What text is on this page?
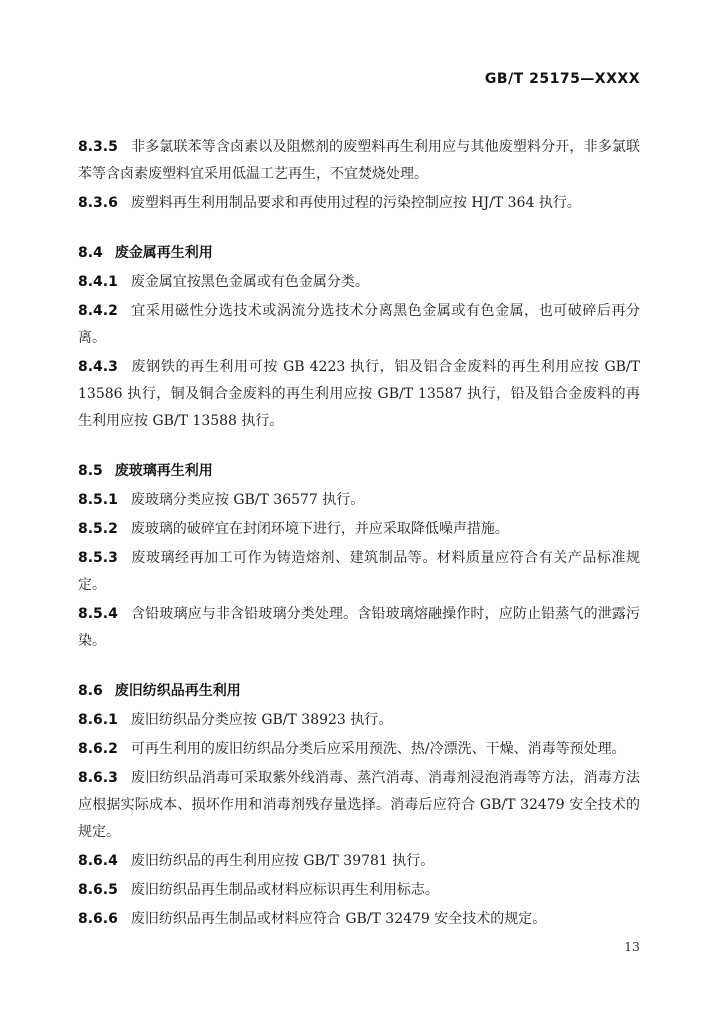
GB/T 25175—XXXX

8.3.5 非多氯联苯等含卤素以及阻燃剂的废塑料再生利用应与其他废塑料分开，非多氯联苯等含卤素废塑料宜采用低温工艺再生，不宜焚烧处理。

8.3.6 废塑料再生利用制品要求和再使用过程的污染控制应按 HJ/T 364 执行。

8.4 废金属再生利用

8.4.1 废金属宜按黑色金属或有色金属分类。

8.4.2 宜采用磁性分选技术或涡流分选技术分离黑色金属或有色金属，也可破碎后再分离。

8.4.3 废钢铁的再生利用可按 GB 4223 执行，铝及铝合金废料的再生利用应按 GB/T 13586 执行，铜及铜合金废料的再生利用应按 GB/T 13587 执行，铅及铅合金废料的再生利用应按 GB/T 13588 执行。

8.5 废玻璃再生利用

8.5.1 废玻璃分类应按 GB/T 36577 执行。

8.5.2 废玻璃的破碎宜在封闭环境下进行，并应采取降低噪声措施。

8.5.3 废玻璃经再加工可作为铸造熔剂、建筑制品等。材料质量应符合有关产品标准规定。

8.5.4 含铅玻璃应与非含铅玻璃分类处理。含铅玻璃熔融操作时，应防止铅蒸气的泄露污染。

8.6 废旧纺织品再生利用

8.6.1 废旧纺织品分类应按 GB/T 38923 执行。

8.6.2 可再生利用的废旧纺织品分类后应采用预洗、热/冷漂洗、干燥、消毒等预处理。

8.6.3 废旧纺织品消毒可采取紫外线消毒、蒸汽消毒、消毒剂浸泡消毒等方法，消毒方法应根据实际成本、损坏作用和消毒剂残存量选择。消毒后应符合 GB/T 32479 安全技术的规定。

8.6.4 废旧纺织品的再生利用应按 GB/T 39781 执行。

8.6.5 废旧纺织品再生制品或材料应标识再生利用标志。

8.6.6 废旧纺织品再生制品或材料应符合 GB/T 32479 安全技术的规定。

13
